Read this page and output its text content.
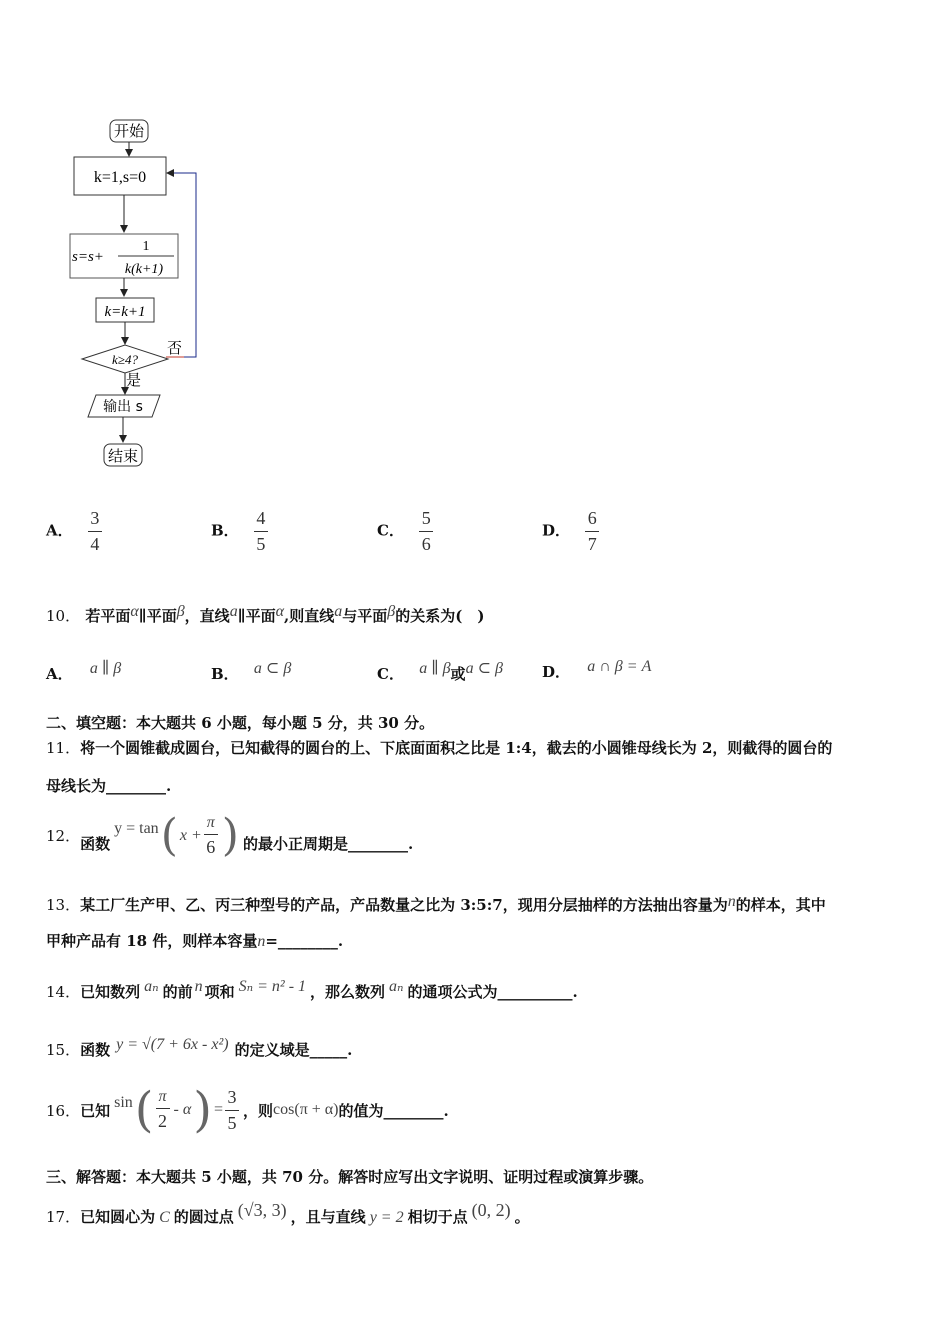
开始
k=1,s=0
s=s+
1
k(k+1)
k=k+1
k≥4?
否
是
输出 s
结束
A． $\frac{3}{4}$	B． $\frac{4}{5}$	C． $\frac{5}{6}$	D． $\frac{6}{7}$
10． 若平面α∥平面β，直线a∥平面α,则直线a与平面β的关系为(　)
A． a ∥ β	B． a ⊂ β	C． a ∥ β或a ⊂ β	D． a ∩ β = A
二、填空题：本大题共 6 小题，每小题 5 分，共 30 分。
11．将一个圆锥截成圆台，已知截得的圆台的上、下底面面积之比是 1:4，截去的小圆锥母线长为 2，则截得的圆台的
母线长为________.
12． 函数
y = tan ( $x + \frac{\pi}{6}$ ) 的最小正周期是________.
13．某工厂生产甲、乙、丙三种型号的产品，产品数量之比为 3:5:7，现用分层抽样的方法抽出容量为n的样本，其中
甲种产品有 18 件，则样本容量n=________.
14．已知数列 aₙ 的前 n 项和 Sₙ = n² - 1 ，那么数列 aₙ 的通项公式为__________.
15．函数 y = √(7 + 6x - x²) 的定义域是_____.
16． 已知 sin ( $\frac{\pi}{2}$ - α ) = $\frac{3}{5}$ ，则 cos(π + α) 的值为________.
三、解答题：本大题共 5 小题，共 70 分。解答时应写出文字说明、证明过程或演算步骤。
17．已知圆心为 C 的圆过点 (√3, 3) ，且与直线 y = 2 相切于点 (0, 2) 。
